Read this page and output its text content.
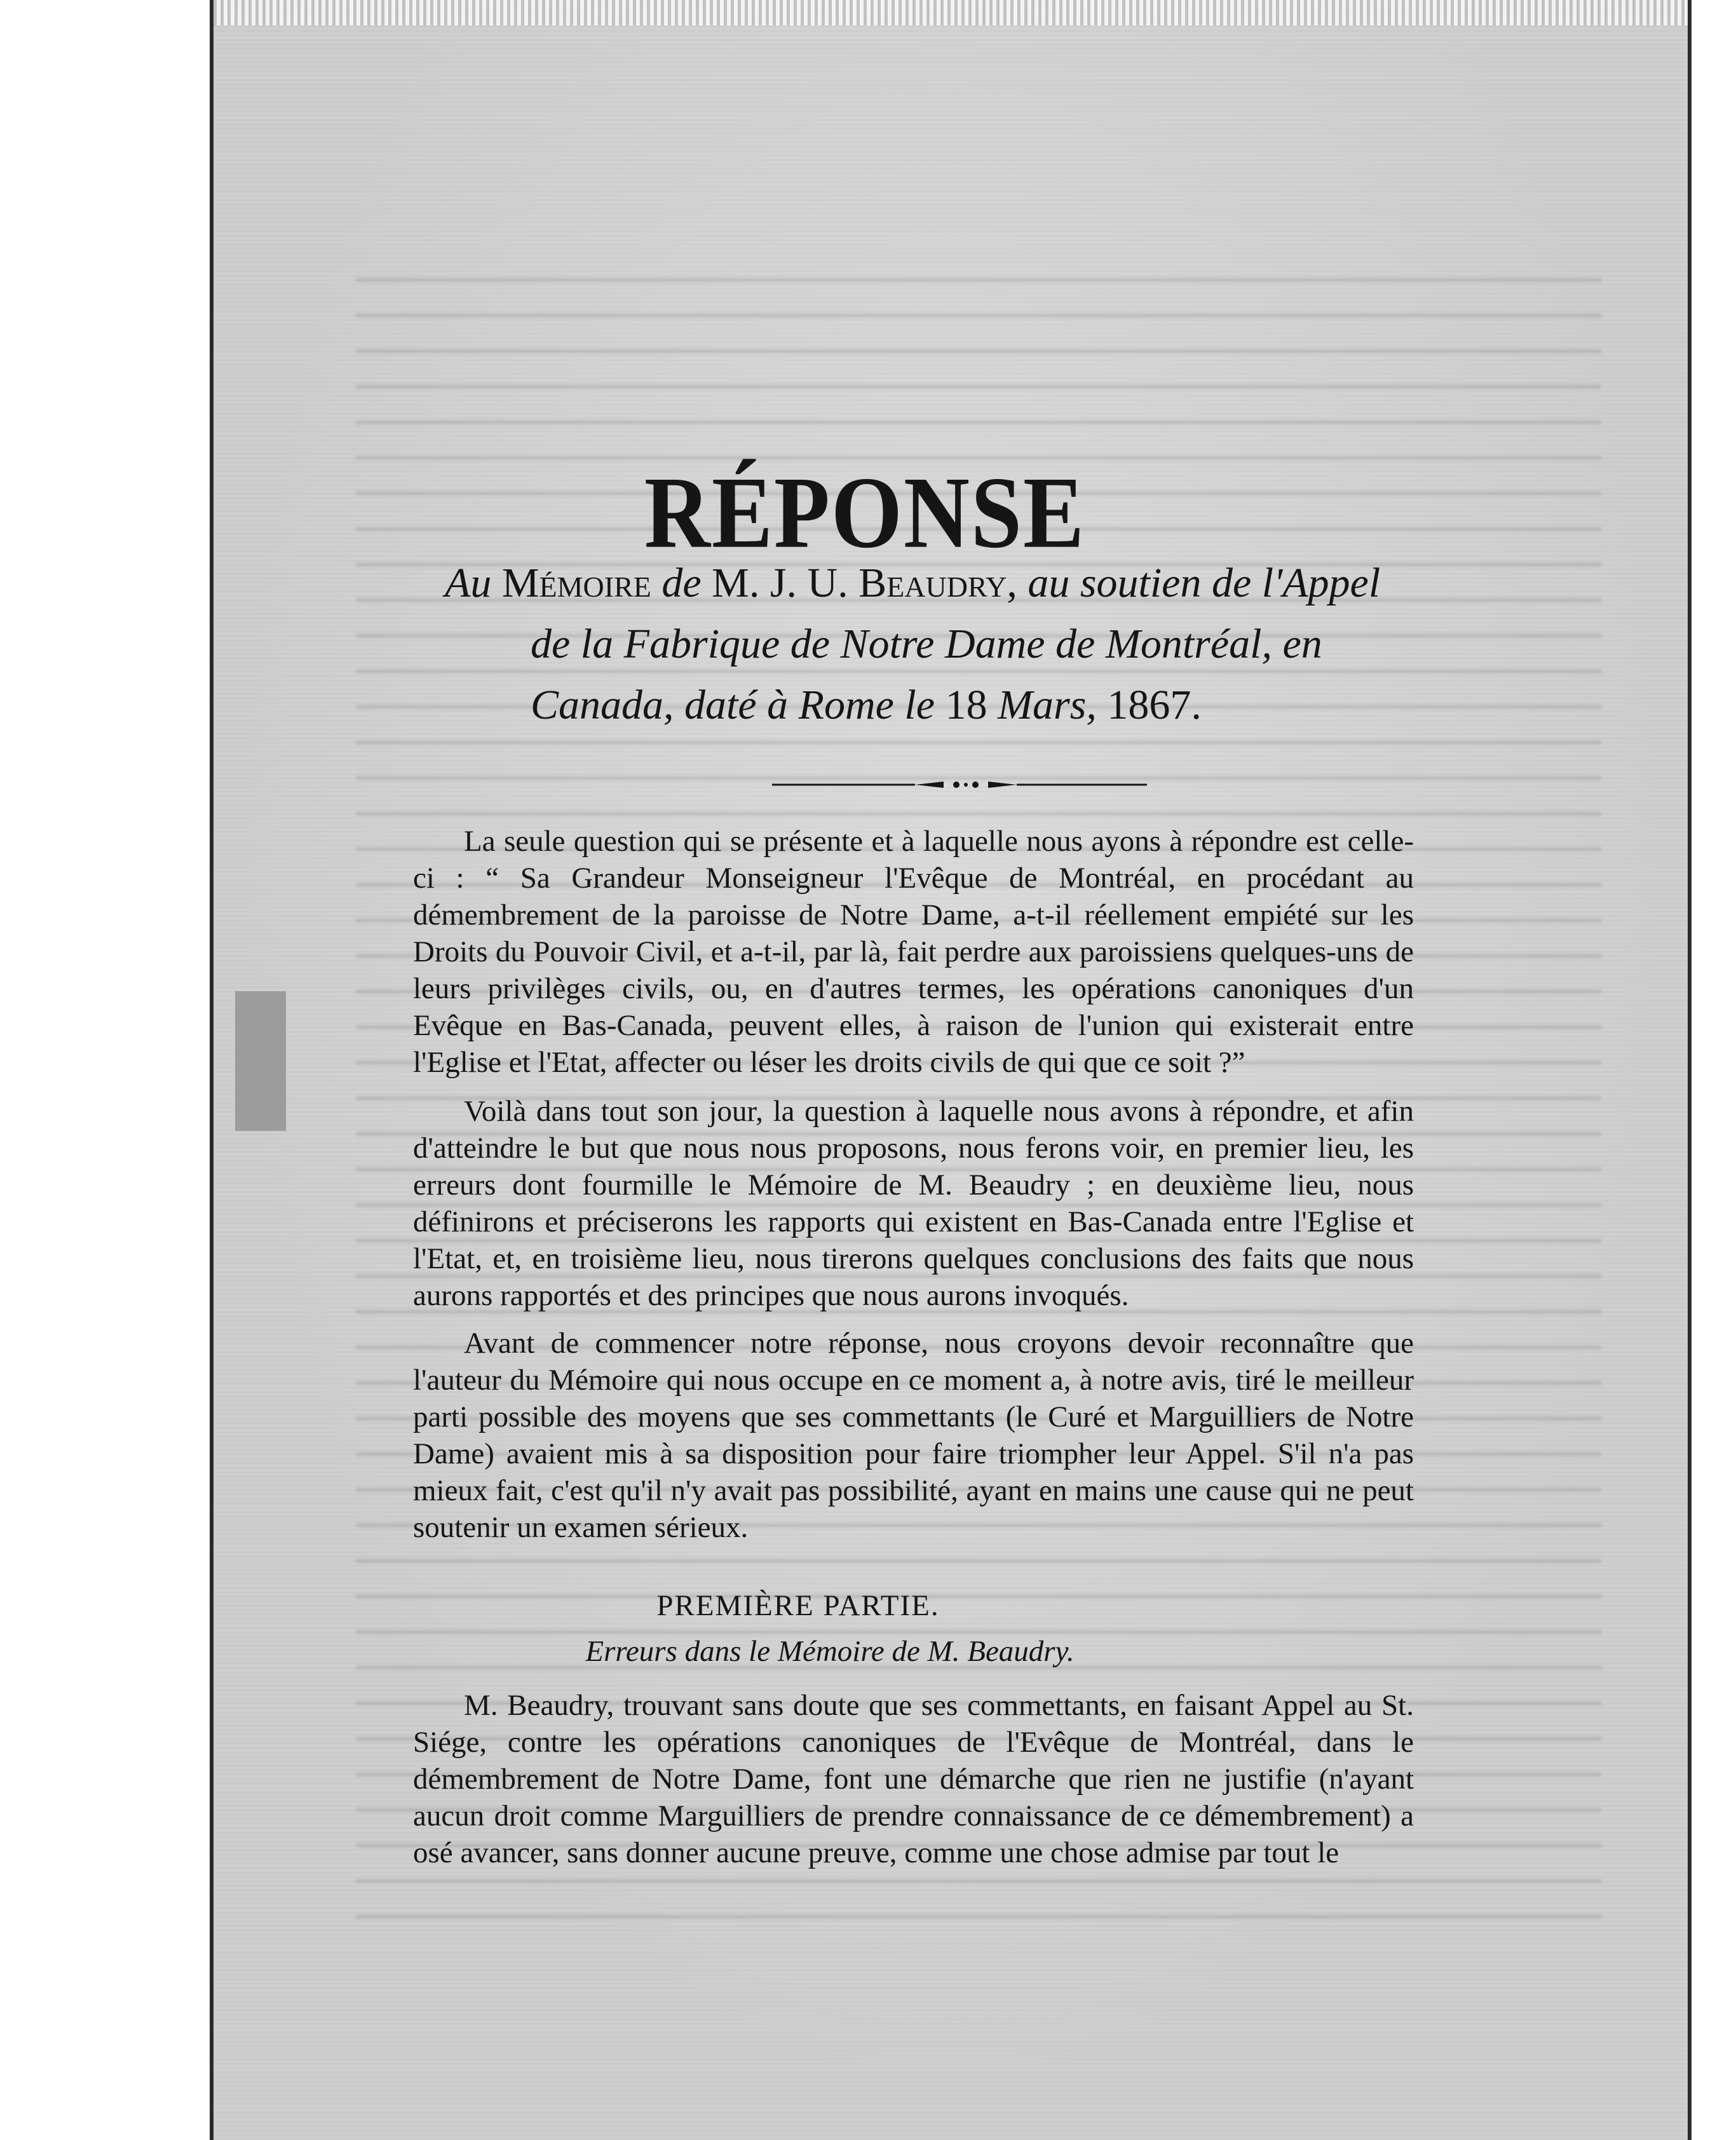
RÉPONSE
Au Mémoire de M. J. U. Beaudry, au soutien de l'Appel
de la Fabrique de Notre Dame de Montréal, en
Canada, daté à Rome le 18 Mars, 1867.

La seule question qui se présente et à laquelle nous ayons à répondre est celle-ci : “ Sa Grandeur Monseigneur l'Evêque de Montréal, en procédant au démembrement de la paroisse de Notre Dame, a-t-il réellement empiété sur les Droits du Pouvoir Civil, et a-t-il, par là, fait perdre aux paroissiens quelques-uns de leurs privilèges civils, ou, en d'autres termes, les opérations canoniques d'un Evêque en Bas-Canada, peuvent elles, à raison de l'union qui existerait entre l'Eglise et l'Etat, affecter ou léser les droits civils de qui que ce soit ?”

Voilà dans tout son jour, la question à laquelle nous avons à répondre, et afin d'atteindre le but que nous nous proposons, nous ferons voir, en premier lieu, les erreurs dont fourmille le Mémoire de M. Beaudry ; en deuxième lieu, nous définirons et préciserons les rapports qui existent en Bas-Canada entre l'Eglise et l'Etat, et, en troisième lieu, nous tirerons quelques conclusions des faits que nous aurons rapportés et des principes que nous aurons invoqués.

Avant de commencer notre réponse, nous croyons devoir reconnaître que l'auteur du Mémoire qui nous occupe en ce moment a, à notre avis, tiré le meilleur parti possible des moyens que ses commettants (le Curé et Marguilliers de Notre Dame) avaient mis à sa disposition pour faire triompher leur Appel. S'il n'a pas mieux fait, c'est qu'il n'y avait pas possibilité, ayant en mains une cause qui ne peut soutenir un examen sérieux.

PREMIÈRE PARTIE.
Erreurs dans le Mémoire de M. Beaudry.

M. Beaudry, trouvant sans doute que ses commettants, en faisant Appel au St. Siége, contre les opérations canoniques de l'Evêque de Montréal, dans le démembrement de Notre Dame, font une démarche que rien ne justifie (n'ayant aucun droit comme Marguilliers de prendre connaissance de ce démembrement) a osé avancer, sans donner aucune preuve, comme une chose admise par tout le
